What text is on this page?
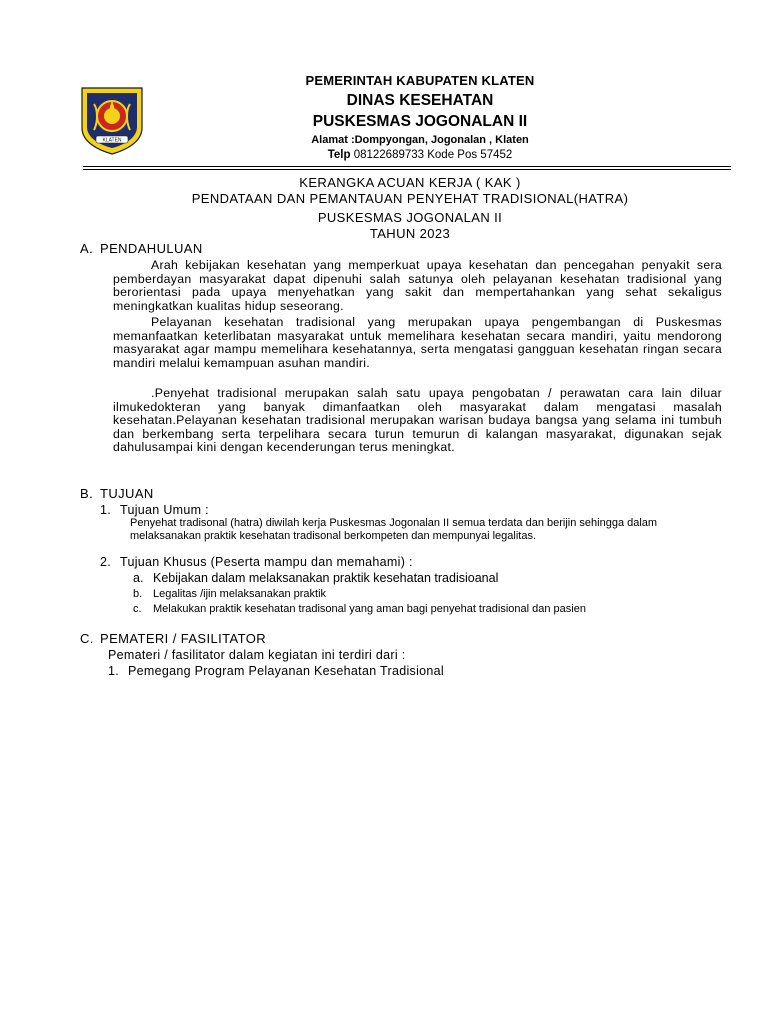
KLATEN
PEMERINTAH KABUPATEN KLATEN
DINAS KESEHATAN
PUSKESMAS JOGONALAN II
Alamat :Dompyongan, Jogonalan , Klaten
Telp 08122689733 Kode Pos 57452
KERANGKA ACUAN KERJA ( KAK )
PENDATAAN DAN PEMANTAUAN PENYEHAT TRADISIONAL(HATRA)
PUSKESMAS JOGONALAN II
TAHUN 2023
A. PENDAHULUAN
Arah kebijakan kesehatan yang memperkuat upaya kesehatan dan pencegahan penyakit sera pemberdayan masyarakat dapat dipenuhi salah satunya oleh pelayanan kesehatan tradisional yang berorientasi pada upaya menyehatkan yang sakit dan mempertahankan yang sehat sekaligus meningkatkan kualitas hidup seseorang.
Pelayanan kesehatan tradisional yang merupakan upaya pengembangan di Puskesmas memanfaatkan keterlibatan masyarakat untuk memelihara kesehatan secara mandiri, yaitu mendorong masyarakat agar mampu memelihara kesehatannya, serta mengatasi gangguan kesehatan ringan secara mandiri melalui kemampuan asuhan mandiri.
.Penyehat tradisional merupakan salah satu upaya pengobatan / perawatan cara lain diluar ilmukedokteran yang banyak dimanfaatkan oleh masyarakat dalam mengatasi masalah kesehatan.Pelayanan kesehatan tradisional merupakan warisan budaya bangsa yang selama ini tumbuh dan berkembang serta terpelihara secara turun temurun di kalangan masyarakat, digunakan sejak dahulusampai kini dengan kecenderungan terus meningkat.
B. TUJUAN
1. Tujuan Umum :
Penyehat tradisonal (hatra) diwilah kerja Puskesmas Jogonalan II semua terdata dan berijin sehingga dalam melaksanakan praktik kesehatan tradisonal berkompeten dan mempunyai legalitas.
2. Tujuan Khusus (Peserta mampu dan memahami) :
a. Kebijakan dalam melaksanakan praktik kesehatan tradisioanal
b. Legalitas /ijin melaksanakan praktik
c. Melakukan praktik kesehatan tradisonal yang aman bagi penyehat tradisional dan pasien
C. PEMATERI / FASILITATOR
Pemateri / fasilitator dalam kegiatan ini terdiri dari :
1. Pemegang Program Pelayanan Kesehatan Tradisional
